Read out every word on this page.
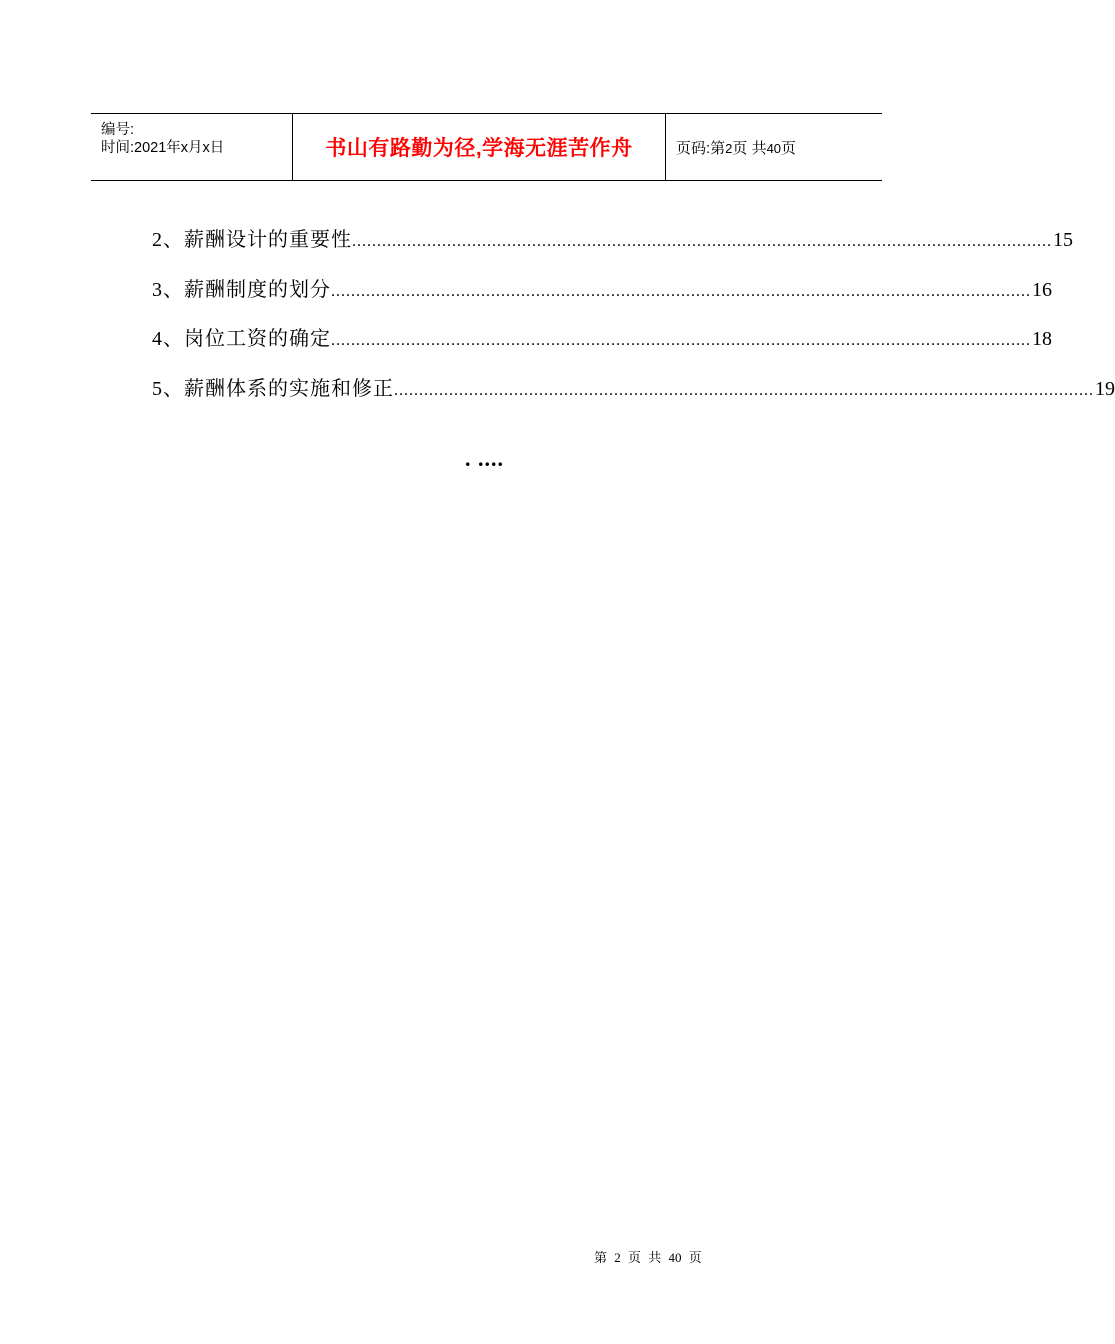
编号:
时间:2021年x月x日	书山有路勤为径,学海无涯苦作舟	页码:第2页 共40页
2、薪酬设计的重要性 ............................................................................................................................................ 15
3、薪酬制度的划分 ............................................................................................................................................ 16
4、岗位工资的确定 ............................................................................................................................................ 18
5、薪酬体系的实施和修正 ............................................................................................................................................ 19
. ....
第 2 页 共 40 页
